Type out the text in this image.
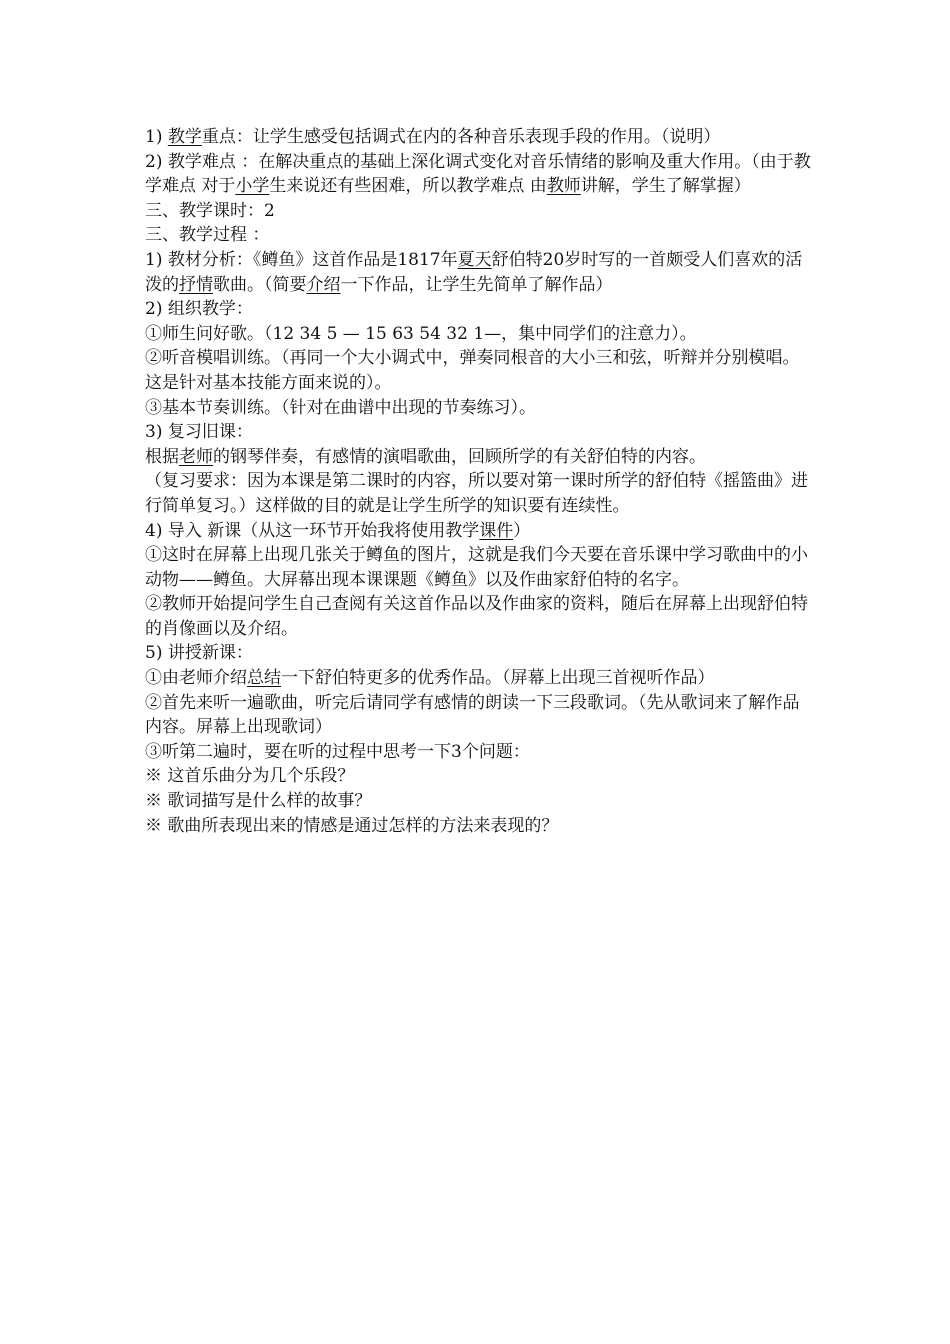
1) 教学重点：让学生感受包括调式在内的各种音乐表现手段的作用。（说明）

2) 教学难点 ：在解决重点的基础上深化调式变化对音乐情绪的影响及重大作用。（由于教学难点 对于小学生来说还有些困难，所以教学难点 由教师讲解，学生了解掌握）

三、教学课时：2

三、教学过程 ：

1) 教材分析：《鳟鱼》这首作品是1817年夏天舒伯特20岁时写的一首颇受人们喜欢的活泼的抒情歌曲。（简要介绍一下作品，让学生先简单了解作品）

2) 组织教学：

①师生问好歌。（12 34 5 — 15 63 54 32 1—，集中同学们的注意力）。

②听音模唱训练。（再同一个大小调式中，弹奏同根音的大小三和弦，听辩并分别模唱。这是针对基本技能方面来说的）。

③基本节奏训练。（针对在曲谱中出现的节奏练习）。

3) 复习旧课：

根据老师的钢琴伴奏，有感情的演唱歌曲，回顾所学的有关舒伯特的内容。

（复习要求：因为本课是第二课时的内容，所以要对第一课时所学的舒伯特《摇篮曲》进行简单复习。）这样做的目的就是让学生所学的知识要有连续性。

4) 导入 新课（从这一环节开始我将使用教学课件）

①这时在屏幕上出现几张关于鳟鱼的图片，这就是我们今天要在音乐课中学习歌曲中的小动物——鳟鱼。大屏幕出现本课课题《鳟鱼》以及作曲家舒伯特的名字。

②教师开始提问学生自己查阅有关这首作品以及作曲家的资料，随后在屏幕上出现舒伯特的肖像画以及介绍。

5) 讲授新课：

①由老师介绍总结一下舒伯特更多的优秀作品。（屏幕上出现三首视听作品）

②首先来听一遍歌曲，听完后请同学有感情的朗读一下三段歌词。（先从歌词来了解作品内容。屏幕上出现歌词）

③听第二遍时，要在听的过程中思考一下3个问题：

※ 这首乐曲分为几个乐段？

※ 歌词描写是什么样的故事？

※ 歌曲所表现出来的情感是通过怎样的方法来表现的？
